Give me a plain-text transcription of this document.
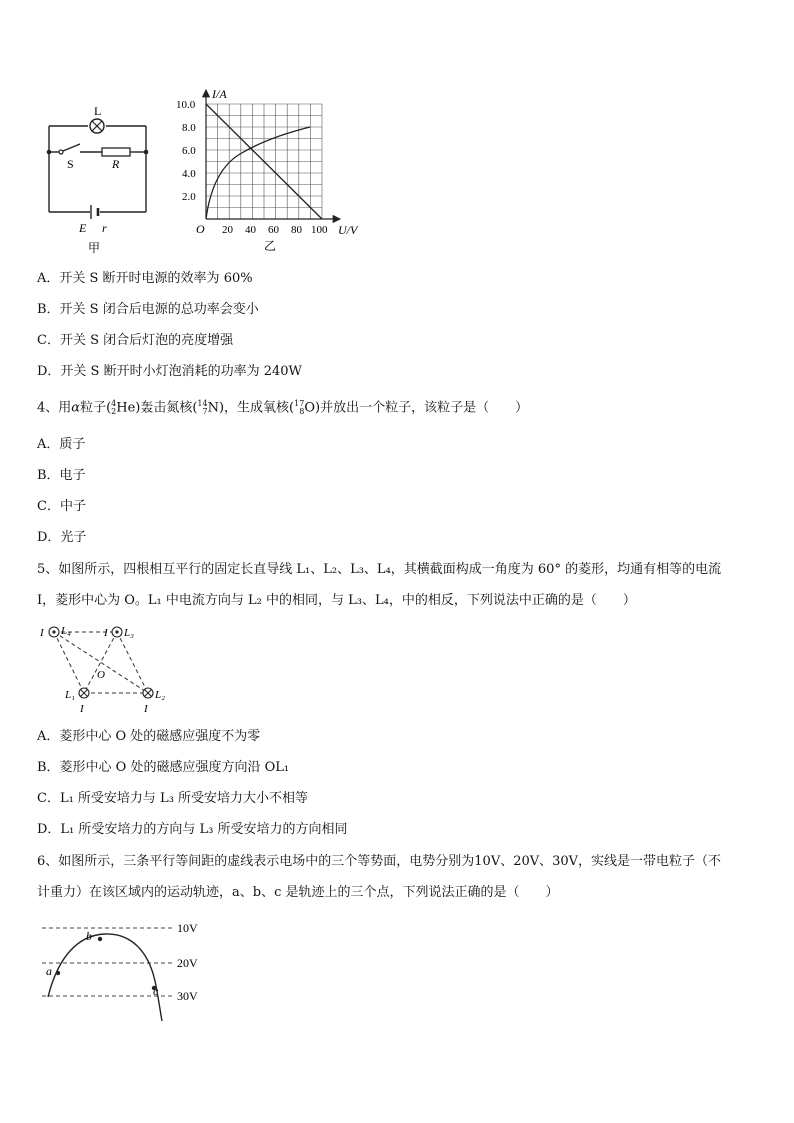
L
S	R
E r
甲
I/A
U/V
O
10.0
8.0
6.0
4.0
2.0
20 40 60 80 100
乙
A．开关 S 断开时电源的效率为 60%
B．开关 S 闭合后电源的总功率会变小
C．开关 S 闭合后灯泡的亮度增强
D．开关 S 断开时小灯泡消耗的功率为 240W
4、用α粒子(4
2He)轰击氮核(14
7N)，生成氧核(17
8O)并放出一个粒子，该粒子是（　　）
A．质子
B．电子
C．中子
D．光子
5、如图所示，四根相互平行的固定长直导线 L₁、L₂、L₃、L₄，其横截面构成一角度为 60° 的菱形，均通有相等的电流
I，菱形中心为 O。L₁ 中电流方向与 L₂ 中的相同，与 L₃、L₄，中的相反，下列说法中正确的是（　　）
I L₄	I L₃
O
L₁	L₂
I	I
A．菱形中心 O 处的磁感应强度不为零
B．菱形中心 O 处的磁感应强度方向沿 OL₁
C．L₁ 所受安培力与 L₃ 所受安培力大小不相等
D．L₁ 所受安培力的方向与 L₃ 所受安培力的方向相同
6、如图所示，三条平行等间距的虚线表示电场中的三个等势面，电势分别为10V、20V、30V，实线是一带电粒子（不
计重力）在该区域内的运动轨迹，a、b、c 是轨迹上的三个点，下列说法正确的是（　　）
a
b
c
10V
20V
30V
